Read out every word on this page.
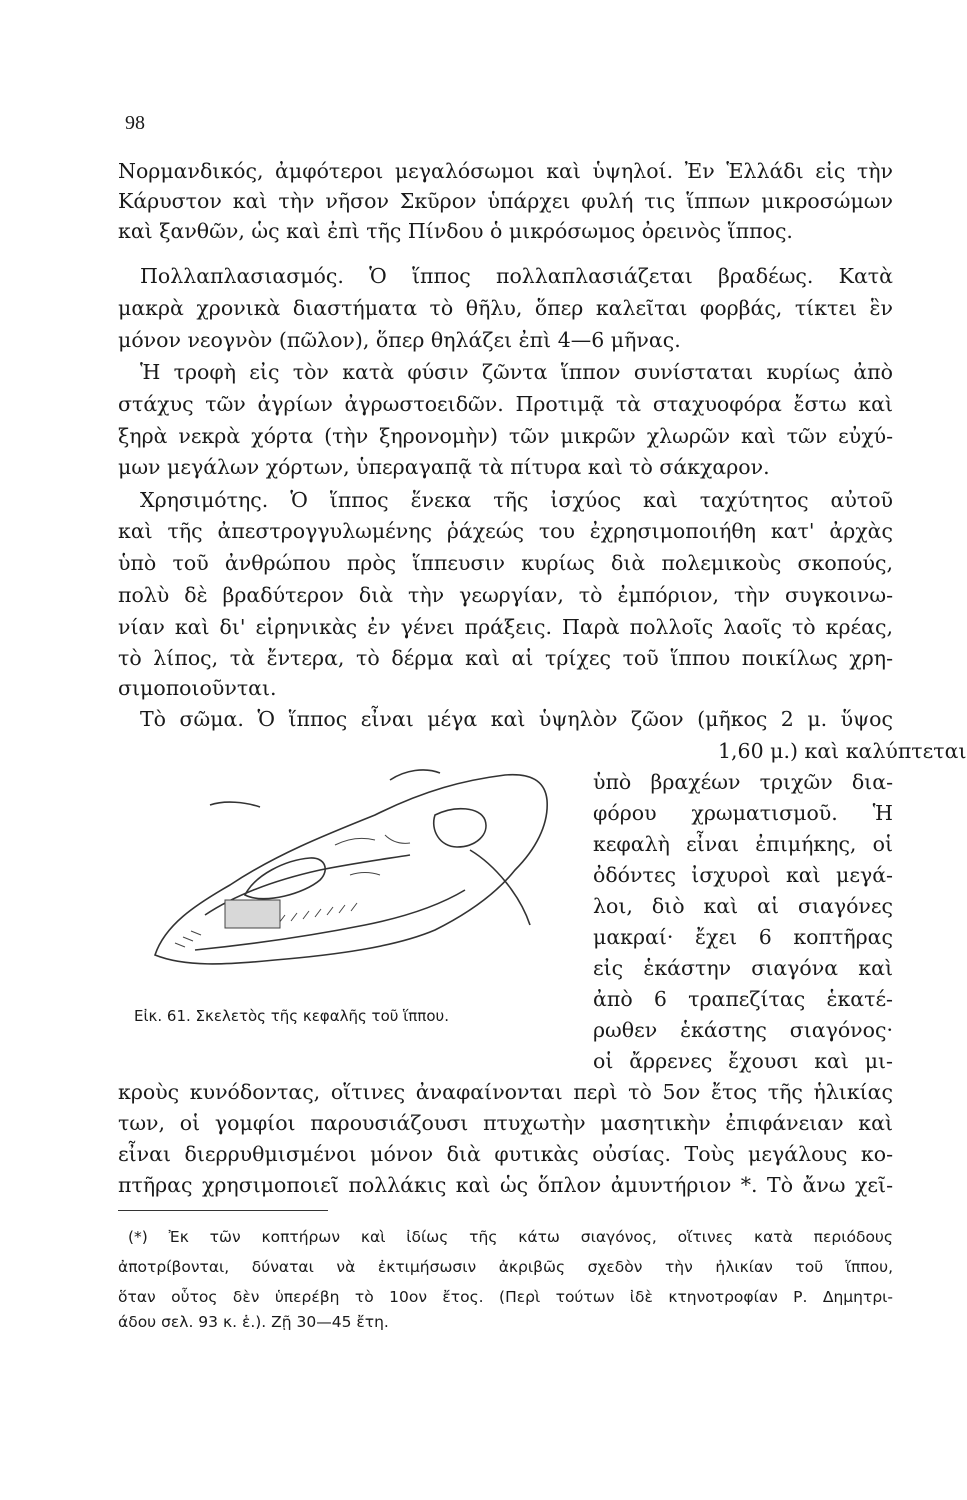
98
Νορμανδικός, ἀμφότεροι μεγαλόσωμοι καὶ ὑψηλοί. Ἐν Ἑλλάδι εἰς τὴν
Κάρυστον καὶ τὴν νῆσον Σκῦρον ὑπάρχει φυλή τις ἵππων μικροσώμων
καὶ ξανθῶν, ὡς καὶ ἐπὶ τῆς Πίνδου ὁ μικρόσωμος ὀρεινὸς ἵππος.
Πολλαπλασιασμός. Ὁ ἵππος πολλαπλασιάζεται βραδέως. Κατὰ
μακρὰ χρονικὰ διαστήματα τὸ θῆλυ, ὅπερ καλεῖται φορβάς, τίκτει ἓν
μόνον νεογνὸν (πῶλον), ὅπερ θηλάζει ἐπὶ 4—6 μῆνας.
Ἡ τροφὴ εἰς τὸν κατὰ φύσιν ζῶντα ἵππον συνίσταται κυρίως ἀπὸ
στάχυς τῶν ἀγρίων ἀγρωστοειδῶν. Προτιμᾷ τὰ σταχυοφόρα ἔστω καὶ
ξηρὰ νεκρὰ χόρτα (τὴν ξηρονομὴν) τῶν μικρῶν χλωρῶν καὶ τῶν εὐχύ-
μων μεγάλων χόρτων, ὑπεραγαπᾷ τὰ πίτυρα καὶ τὸ σάκχαρον.
Χρησιμότης. Ὁ ἵππος ἕνεκα τῆς ἰσχύος καὶ ταχύτητος αὐτοῦ
καὶ τῆς ἀπεστρογγυλωμένης ῥάχεώς του ἐχρησιμοποιήθη κατ' ἀρχὰς
ὑπὸ τοῦ ἀνθρώπου πρὸς ἵππευσιν κυρίως διὰ πολεμικοὺς σκοπούς,
πολὺ δὲ βραδύτερον διὰ τὴν γεωργίαν, τὸ ἐμπόριον, τὴν συγκοινω-
νίαν καὶ δι' εἰρηνικὰς ἐν γένει πράξεις. Παρὰ πολλοῖς λαοῖς τὸ κρέας,
τὸ λίπος, τὰ ἔντερα, τὸ δέρμα καὶ αἱ τρίχες τοῦ ἵππου ποικίλως χρη-
σιμοποιοῦνται.
Τὸ σῶμα. Ὁ ἵππος εἶναι μέγα καὶ ὑψηλὸν ζῶον (μῆκος 2 μ. ὕψος
1,60 μ.) καὶ καλύπτεται
ὑπὸ βραχέων τριχῶν δια-
φόρου χρωματισμοῦ. Ἡ
κεφαλὴ εἶναι ἐπιμήκης, οἱ
ὀδόντες ἰσχυροὶ καὶ μεγά-
λοι, διὸ καὶ αἱ σιαγόνες
μακραί· ἔχει 6 κοπτῆρας
εἰς ἑκάστην σιαγόνα καὶ
ἀπὸ 6 τραπεζίτας ἑκατέ-
ρωθεν ἑκάστης σιαγόνος·
οἱ ἄρρενες ἔχουσι καὶ μι-
Εἰκ. 61. Σκελετὸς τῆς κεφαλῆς τοῦ ἵππου.
κροὺς κυνόδοντας, οἵτινες ἀναφαίνονται περὶ τὸ 5ον ἔτος τῆς ἡλικίας
των, οἱ γομφίοι παρουσιάζουσι πτυχωτὴν μασητικὴν ἐπιφάνειαν καὶ
εἶναι διερρυθμισμένοι μόνον διὰ φυτικὰς οὐσίας. Τοὺς μεγάλους κο-
πτῆρας χρησιμοποιεῖ πολλάκις καὶ ὡς ὅπλον ἀμυντήριον *. Τὸ ἄνω χεῖ-
(*) Ἐκ τῶν κοπτήρων καὶ ἰδίως τῆς κάτω σιαγόνος, οἵτινες κατὰ περιόδους
ἀποτρίβονται, δύναται νὰ ἐκτιμήσωσιν ἀκριβῶς σχεδὸν τὴν ἡλικίαν τοῦ ἵππου,
ὅταν οὗτος δὲν ὑπερέβη τὸ 10ον ἔτος. (Περὶ τούτων ἰδὲ κτηνοτροφίαν Ρ. Δημητρι-
άδου σελ. 93 κ. ἑ.). Ζῇ 30—45 ἔτη.
